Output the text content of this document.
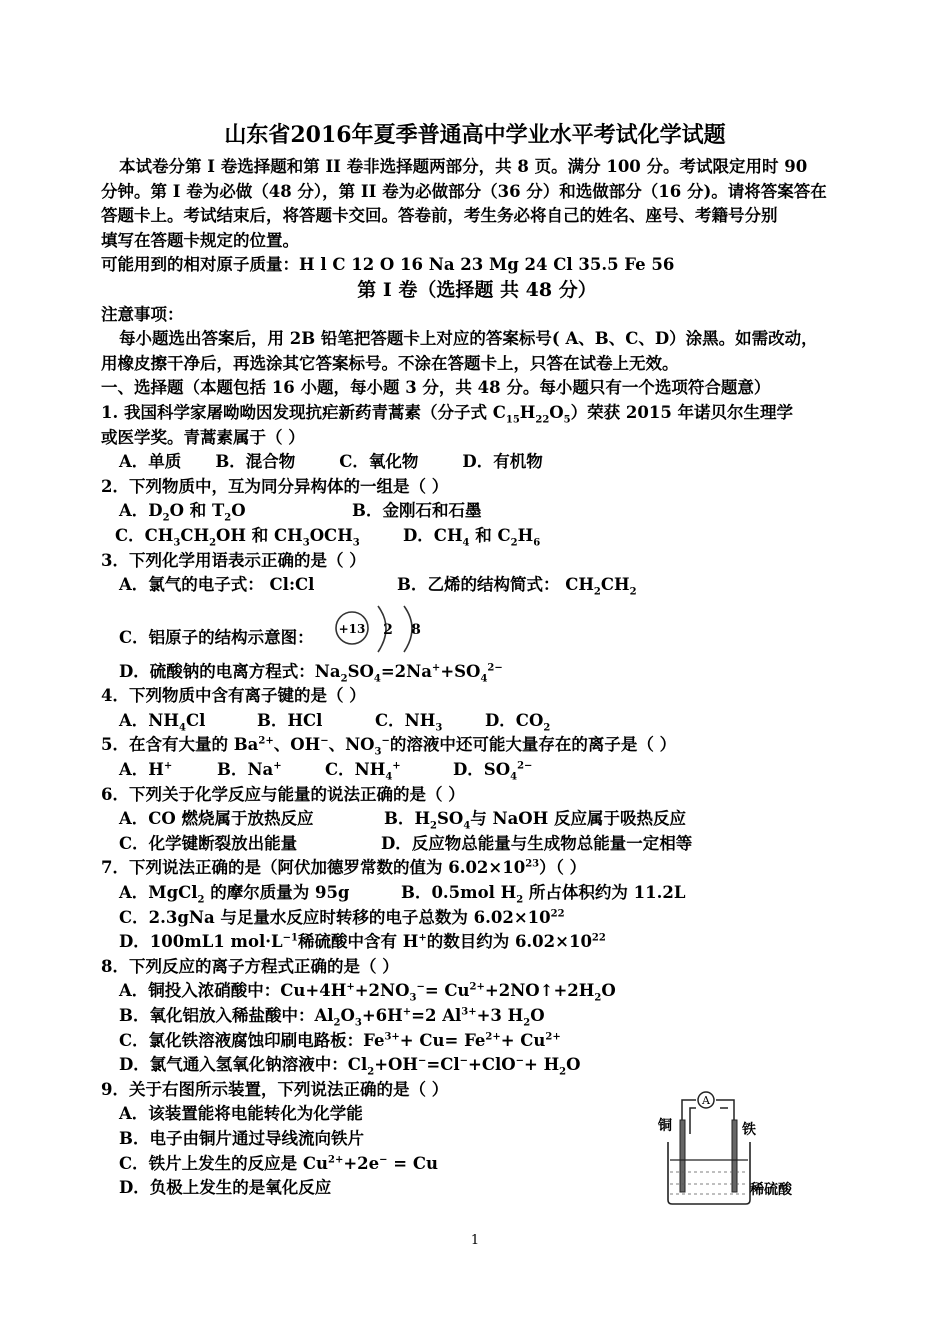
山东省2016年夏季普通高中学业水平考试化学试题
本试卷分第 I 卷选择题和第 II 卷非选择题两部分，共 8 页。满分 100 分。考试限定用时 90
分钟。第 I 卷为必做（48 分），第 II 卷为必做部分（36 分）和选做部分（16 分)。请将答案答在
答题卡上。考试结束后，将答题卡交回。答卷前，考生务必将自己的姓名、座号、考籍号分别
填写在答题卡规定的位置。
可能用到的相对原子质量：H l C 12 O 16 Na 23 Mg 24 Cl 35.5 Fe 56
第 I 卷（选择题 共 48 分）
注意事项：
每小题选出答案后，用 2B 铅笔把答题卡上对应的答案标号( A、B、C、D）涂黑。如需改动，
用橡皮擦干净后，再选涂其它答案标号。不涂在答题卡上，只答在试卷上无效。
一、选择题（本题包括 16 小题，每小题 3 分，共 48 分。每小题只有一个选项符合题意）
1. 我国科学家屠呦呦因发现抗疟新药青蒿素（分子式 $C_{15}H_{22}O_5$）荣获 2015 年诺贝尔生理学
或医学奖。青蒿素属于（ ）
A．单质 B．混合物	C．氧化物	D．有机物
2．下列物质中，互为同分异构体的一组是（ ）
A．$D_2O$ 和 $T_2O$	B．金刚石和石墨
C．$CH_3CH_2OH$ 和 $CH_3OCH_3$	D．$CH_4$ 和 $C_2H_6$
3．下列化学用语表示正确的是（ ）
A．氯气的电子式： Cl:Cl	B．乙烯的结构简式： $CH_2CH_2$
C．铝原子的结构示意图： +13 2 8
D．硫酸钠的电离方程式：$Na_2SO_4=2Na^++SO_4^{2-}$
4．下列物质中含有离子键的是（ ）
A．$NH_4Cl$	B．HCl	C．$NH_3$	D．$CO_2$
5．在含有大量的 $Ba^{2+}$、OH−、$NO_3^-$的溶液中还可能大量存在的离子是（ ）
A．H+	B．Na+	C．$NH_4^+$	D．$SO_4^{2-}$
6．下列关于化学反应与能量的说法正确的是（ ）
A．CO 燃烧属于放热反应	B．$H_2SO_4$与 NaOH 反应属于吸热反应
C．化学键断裂放出能量	D．反应物总能量与生成物总能量一定相等
7．下列说法正确的是（阿伏加德罗常数的值为 $6.02\times 10^{23}$）（ ）
A．MgCl$_2$ 的摩尔质量为 95g	B．0.5mol $H_2$ 所占体积约为 11.2L
C．2.3gNa 与足量水反应时转移的电子总数为 $6.02\times 10^{22}$
D．100mL1 $mol\cdot L^{-1}$稀硫酸中含有 H+的数目约为 $6.02\times 10^{22}$
8．下列反应的离子方程式正确的是（ ）
A．铜投入浓硝酸中：$Cu+4H^++2NO_3^-=$ $Cu^{2+}+2NO↑+2H_2O$
B．氧化铝放入稀盐酸中：$Al_2O_3+6H^+=2$ $Al^{3+}+3$ $H_2O$
C．氯化铁溶液腐蚀印刷电路板：$Fe^{3+}+ Cu= Fe^{2+}+ Cu^{2+}$
D．氯气通入氢氧化钠溶液中：$Cl_2+OH^-=Cl^-+ClO^-+ H_2O$
9．关于右图所示装置，下列说法正确的是（ ）
A．该装置能将电能转化为化学能
B．电子由铜片通过导线流向铁片
C．铁片上发生的反应是 $Cu^{2+}+2e^- = Cu$
D．负极上发生的是氧化反应
A
铜	铁
稀硫酸
1
